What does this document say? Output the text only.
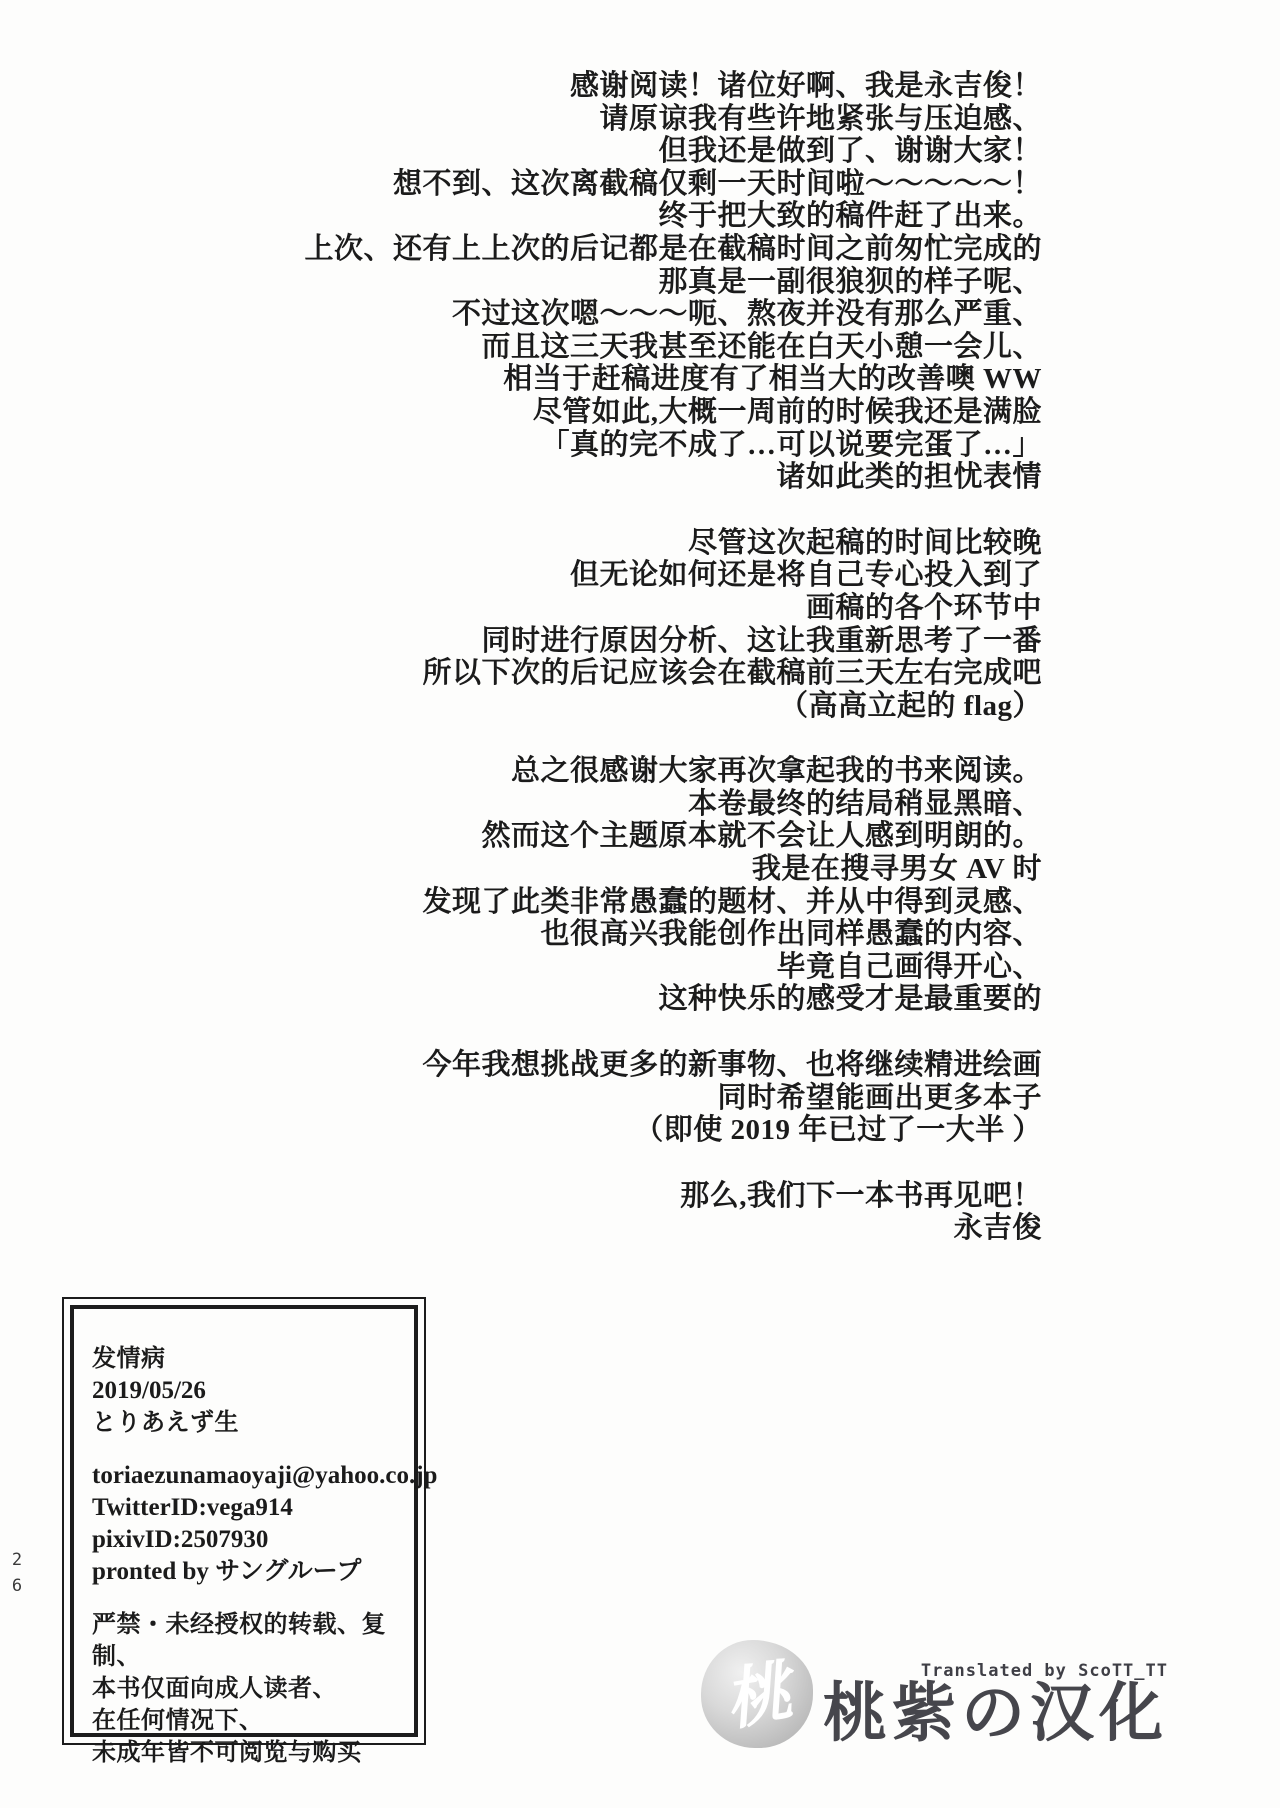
26
感谢阅读！诸位好啊、我是永吉俊！
请原谅我有些许地紧张与压迫感、
但我还是做到了、谢谢大家！
想不到、这次离截稿仅剩一天时间啦～～～～～！
终于把大致的稿件赶了出来。
上次、还有上上次的后记都是在截稿时间之前匆忙完成的
那真是一副很狼狈的样子呢、
不过这次嗯～～～呃、熬夜并没有那么严重、
而且这三天我甚至还能在白天小憩一会儿、
相当于赶稿进度有了相当大的改善噢 WW
尽管如此,大概一周前的时候我还是满脸
「真的完不成了…可以说要完蛋了…」
诸如此类的担忧表情
尽管这次起稿的时间比较晚
但无论如何还是将自己专心投入到了
画稿的各个环节中
同时进行原因分析、这让我重新思考了一番
所以下次的后记应该会在截稿前三天左右完成吧
（高高立起的 flag）
总之很感谢大家再次拿起我的书来阅读。
本卷最终的结局稍显黑暗、
然而这个主题原本就不会让人感到明朗的。
我是在搜寻男女 AV 时
发现了此类非常愚蠢的题材、并从中得到灵感、
也很高兴我能创作出同样愚蠢的内容、
毕竟自己画得开心、
这种快乐的感受才是最重要的
今年我想挑战更多的新事物、也将继续精进绘画
同时希望能画出更多本子
（即使 2019 年已过了一大半 ）
那么,我们下一本书再见吧！
永吉俊
发情病
2019/05/26
とりあえず生
toriaezunamaoyaji@yahoo.co.jp
TwitterID:vega914
pixivID:2507930
pronted by サングループ
严禁・未经授权的转载、复制、
本书仅面向成人读者、
在任何情况下、
未成年皆不可阅览与购买
桃	Translated by ScoTT_TT
桃紫の汉化
